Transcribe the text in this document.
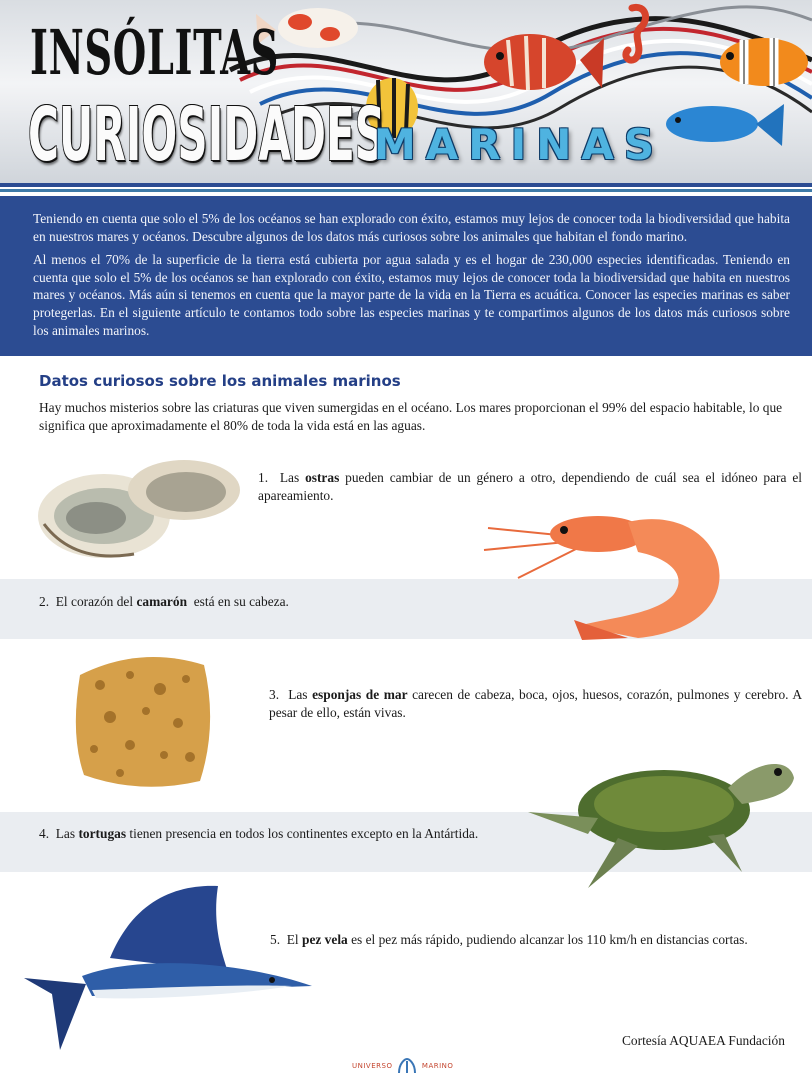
INSÓLITAS
CURIOSIDADES
MARINAS

Teniendo en cuenta que solo el 5% de los océanos se han explorado con éxito, estamos muy lejos de conocer toda la biodiversidad que habita en nuestros mares y océanos. Descubre algunos de los datos más curiosos sobre los animales que habitan el fondo marino.

Al menos el 70% de la superficie de la tierra está cubierta por agua salada y es el hogar de 230,000 especies identificadas. Teniendo en cuenta que solo el 5% de los océanos se han explorado con éxito, estamos muy lejos de conocer toda la biodiversidad que habita en nuestros mares y océanos. Más aún si tenemos en cuenta que la mayor parte de la vida en la Tierra es acuática. Conocer las especies marinas es saber protegerlas. En el siguiente artículo te contamos todo sobre las especies marinas y te compartimos algunos de los datos más curiosos sobre los animales marinos.

Datos curiosos sobre los animales marinos
Hay muchos misterios sobre las criaturas que viven sumergidas en el océano. Los mares proporcionan el 99% del espacio habitable, lo que significa que aproximadamente el 80% de toda la vida está en las aguas.
1. Las ostras pueden cambiar de un género a otro, dependiendo de cuál sea el idóneo para el apareamiento.
2. El corazón del camarón  está en su cabeza.
3. Las esponjas de mar carecen de cabeza, boca, ojos, huesos, corazón, pulmones y cerebro. A pesar de ello, están vivas.
4. Las tortugas tienen presencia en todos los continentes excepto en la Antártida.
5. El pez vela es el pez más rápido, pudiendo alcanzar los 110 km/h en distancias cortas.
Cortesía AQUAEA Fundación
UNIVERSO	MARINO
